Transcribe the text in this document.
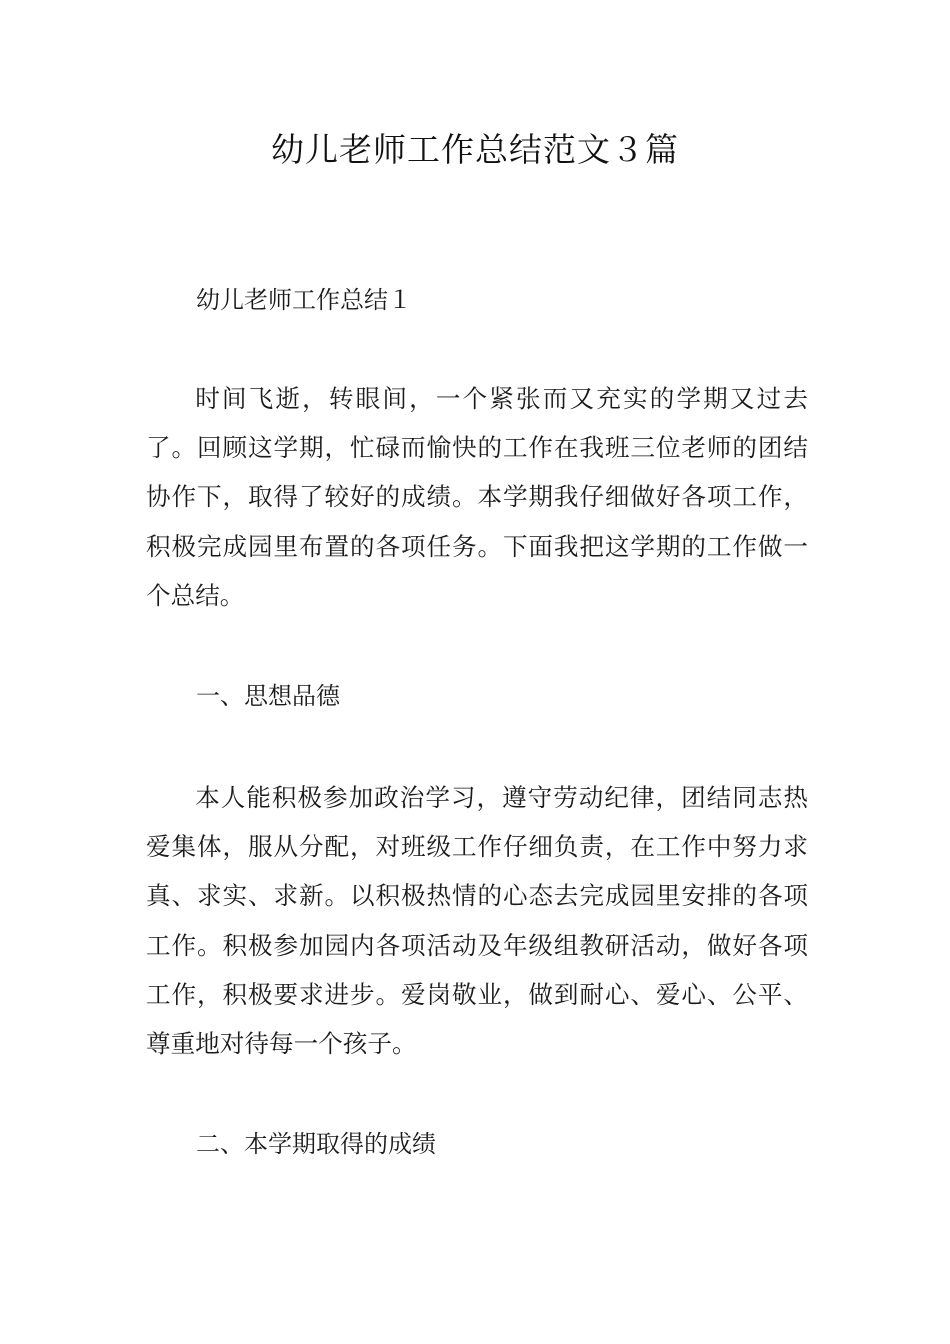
幼儿老师工作总结范文３篇

幼儿老师工作总结１

时间飞逝，转眼间，一个紧张而又充实的学期又过去了。回顾这学期，忙碌而愉快的工作在我班三位老师的团结协作下，取得了较好的成绩。本学期我仔细做好各项工作，积极完成园里布置的各项任务。下面我把这学期的工作做一个总结。

一、思想品德

本人能积极参加政治学习，遵守劳动纪律，团结同志热爱集体，服从分配，对班级工作仔细负责，在工作中努力求真、求实、求新。以积极热情的心态去完成园里安排的各项工作。积极参加园内各项活动及年级组教研活动，做好各项工作，积极要求进步。爱岗敬业，做到耐心、爱心、公平、尊重地对待每一个孩子。

二、本学期取得的成绩
